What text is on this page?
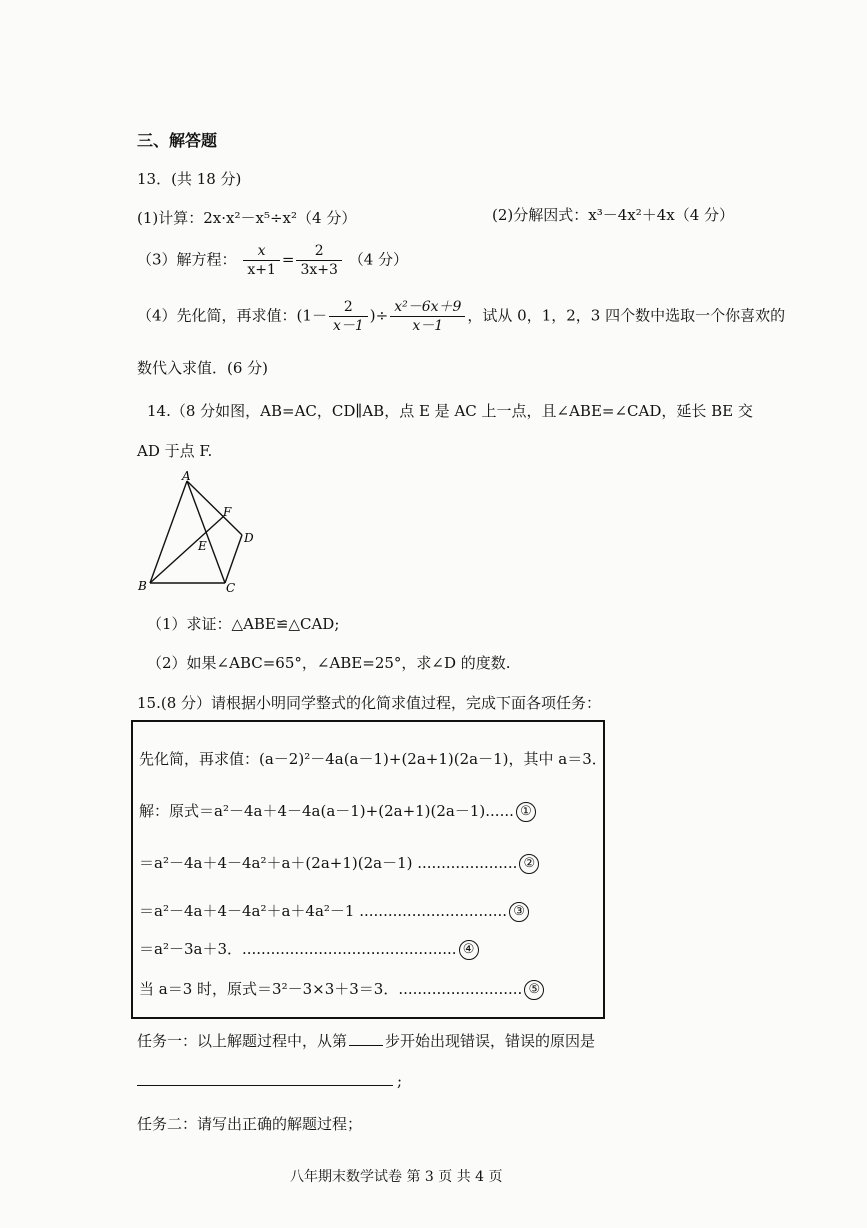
三、解答题
13．(共 18 分)
(1)计算：2x·x²－x⁵÷x²（4 分）	(2)分解因式：x³－4x²＋4x（4 分）
（3）解方程： $\frac{x}{x+1} = \frac{2}{3x+3} (4$ 分）
（4）先化简，再求值：($1- \frac{2}{x-1}$ )÷ $\frac{\text{x²－6x＋9}}{x-1}$ ，试从 0，1，2，3 四个数中选取一个你喜欢的
数代入求值．(6 分)
14.（8 分如图，AB=AC，CD∥AB，点 E 是 AC 上一点，且∠ABE=∠CAD，延长 BE 交
AD 于点 F.
A
B	C
D
E
F
（1）求证：△ABE≌△CAD;
（2）如果∠ABC=65°，∠ABE=25°，求∠D 的度数.
15.(8 分）请根据小明同学整式的化简求值过程，完成下面各项任务：
先化简，再求值：(a－2)²－4a(a－1)+(2a+1)(2a－1)，其中 a＝3．
解：原式＝a²－4a＋4－4a(a－1)+(2a+1)(2a－1)...... ①
＝a²－4a＋4－4a²＋a＋(2a+1)(2a－1) ..................... ②
＝a²－4a＋4－4a²＋a＋4a²－1 ............................... ③
＝a²－3a＋3．............................................. ④
当 a＝3 时，原式＝3²－3×3＋3＝3．.......................... ⑤
任务一：以上解题过程中，从第	步开始出现错误，错误的原因是
;
任务二：请写出正确的解题过程；
八年期末数学试卷 第 3 页 共 4 页
